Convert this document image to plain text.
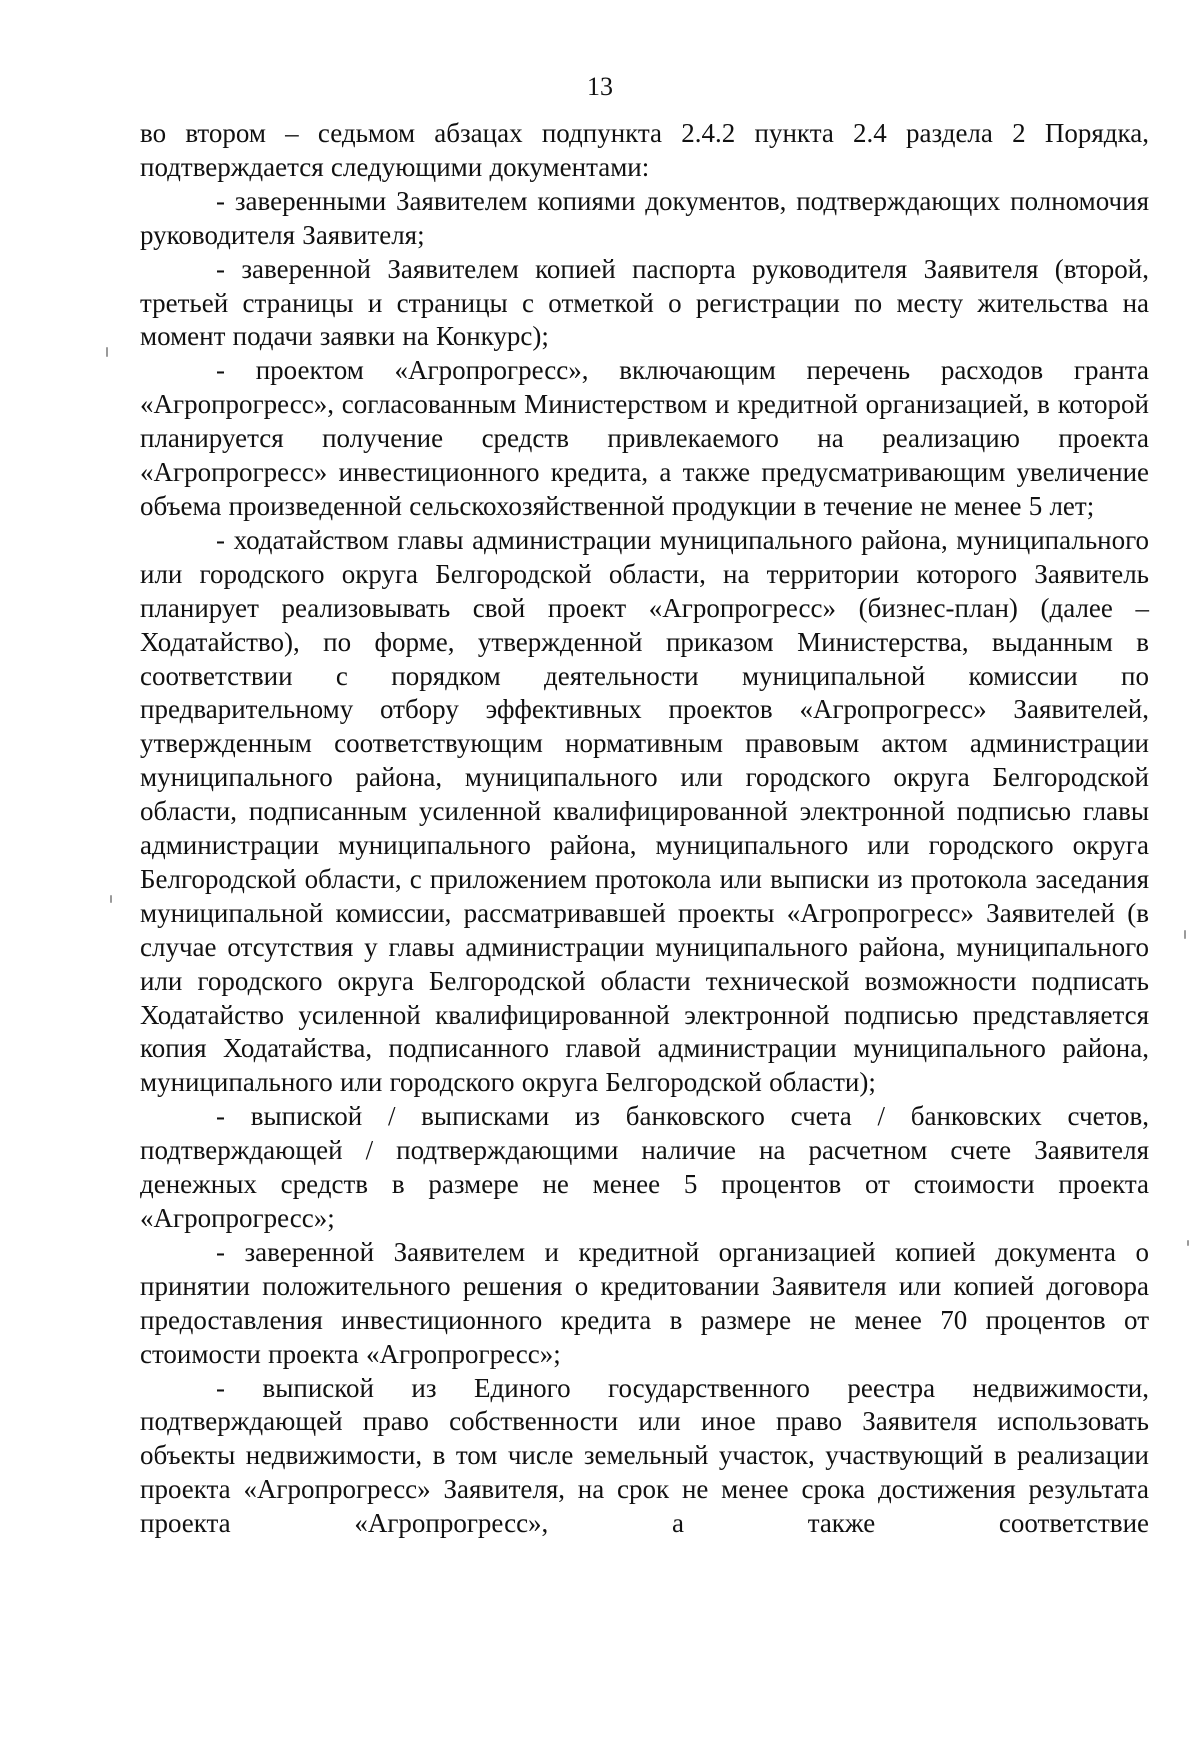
13

во втором – седьмом абзацах подпункта 2.4.2 пункта 2.4 раздела 2 Порядка, подтверждается следующими документами:

- заверенными Заявителем копиями документов, подтверждающих полномочия руководителя Заявителя;

- заверенной Заявителем копией паспорта руководителя Заявителя (второй, третьей страницы и страницы с отметкой о регистрации по месту жительства на момент подачи заявки на Конкурс);

- проектом «Агропрогресс», включающим перечень расходов гранта «Агропрогресс», согласованным Министерством и кредитной организацией, в которой планируется получение средств привлекаемого на реализацию проекта «Агропрогресс» инвестиционного кредита, а также предусматривающим увеличение объема произведенной сельскохозяйственной продукции в течение не менее 5 лет;

- ходатайством главы администрации муниципального района, муниципального или городского округа Белгородской области, на территории которого Заявитель планирует реализовывать свой проект «Агропрогресс» (бизнес-план) (далее – Ходатайство), по форме, утвержденной приказом Министерства, выданным в соответствии с порядком деятельности муниципальной комиссии по предварительному отбору эффективных проектов «Агропрогресс» Заявителей, утвержденным соответствующим нормативным правовым актом администрации муниципального района, муниципального или городского округа Белгородской области, подписанным усиленной квалифицированной электронной подписью главы администрации муниципального района, муниципального или городского округа Белгородской области, с приложением протокола или выписки из протокола заседания муниципальной комиссии, рассматривавшей проекты «Агропрогресс» Заявителей (в случае отсутствия у главы администрации муниципального района, муниципального или городского округа Белгородской области технической возможности подписать Ходатайство усиленной квалифицированной электронной подписью представляется копия Ходатайства, подписанного главой администрации муниципального района, муниципального или городского округа Белгородской области);

- выпиской / выписками из банковского счета / банковских счетов, подтверждающей / подтверждающими наличие на расчетном счете Заявителя денежных средств в размере не менее 5 процентов от стоимости проекта «Агропрогресс»;

- заверенной Заявителем и кредитной организацией копией документа о принятии положительного решения о кредитовании Заявителя или копией договора предоставления инвестиционного кредита в размере не менее 70 процентов от стоимости проекта «Агропрогресс»;

- выпиской из Единого государственного реестра недвижимости, подтверждающей право собственности или иное право Заявителя использовать объекты недвижимости, в том числе земельный участок, участвующий в реализации проекта «Агропрогресс» Заявителя, на срок не менее срока достижения результата проекта «Агропрогресс», а также соответствие
